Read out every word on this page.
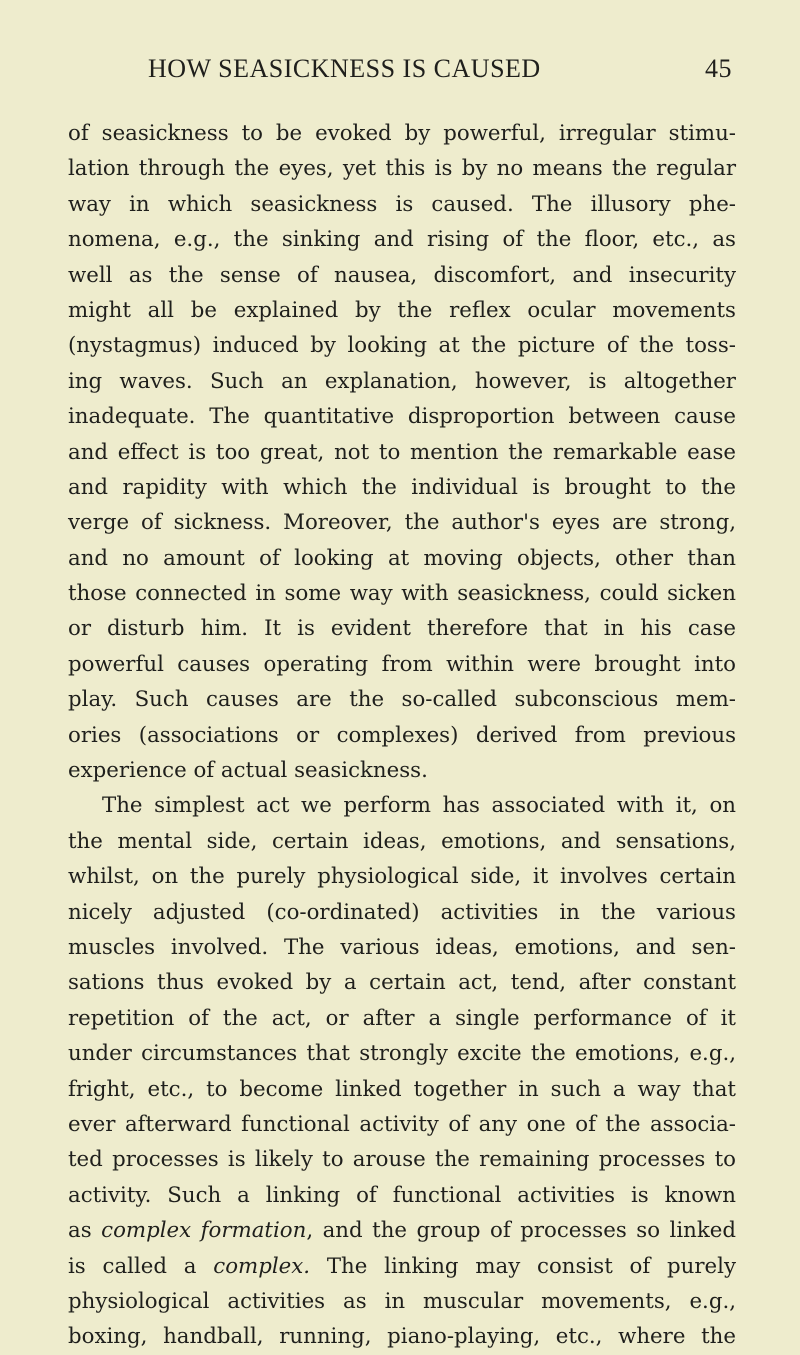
HOW SEASICKNESS IS CAUSED	45
of seasickness to be evoked by powerful, irregular stimu-
lation through the eyes, yet this is by no means the regular
way in which seasickness is caused. The illusory phe-
nomena, e.g., the sinking and rising of the floor, etc., as
well as the sense of nausea, discomfort, and insecurity
might all be explained by the reflex ocular movements
(nystagmus) induced by looking at the picture of the toss-
ing waves. Such an explanation, however, is altogether
inadequate. The quantitative disproportion between cause
and effect is too great, not to mention the remarkable ease
and rapidity with which the individual is brought to the
verge of sickness. Moreover, the author's eyes are strong,
and no amount of looking at moving objects, other than
those connected in some way with seasickness, could sicken
or disturb him. It is evident therefore that in his case
powerful causes operating from within were brought into
play. Such causes are the so-called subconscious mem-
ories (associations or complexes) derived from previous
experience of actual seasickness.
The simplest act we perform has associated with it, on
the mental side, certain ideas, emotions, and sensations,
whilst, on the purely physiological side, it involves certain
nicely adjusted (co-ordinated) activities in the various
muscles involved. The various ideas, emotions, and sen-
sations thus evoked by a certain act, tend, after constant
repetition of the act, or after a single performance of it
under circumstances that strongly excite the emotions, e.g.,
fright, etc., to become linked together in such a way that
ever afterward functional activity of any one of the associa-
ted processes is likely to arouse the remaining processes to
activity. Such a linking of functional activities is known
as complex formation, and the group of processes so linked
is called a complex. The linking may consist of purely
physiological activities as in muscular movements, e.g.,
boxing, handball, running, piano-playing, etc., where the
